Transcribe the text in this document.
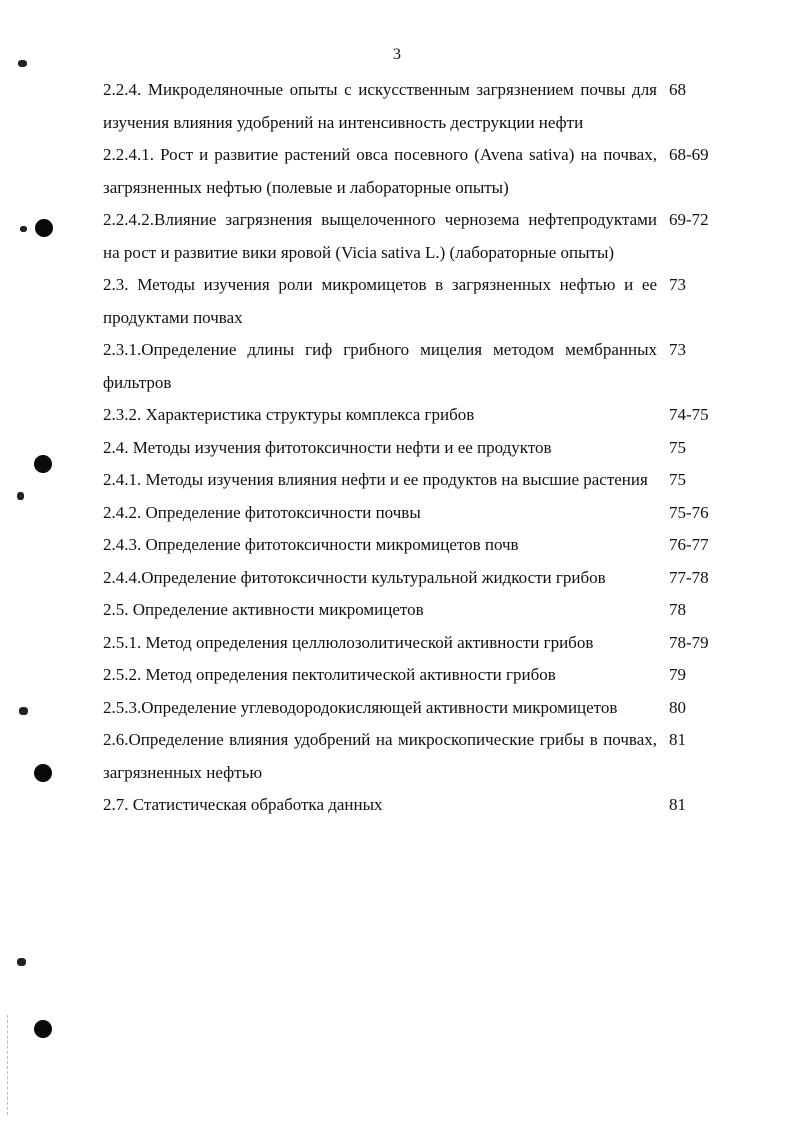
3
2.2.4. Микроделяночные опыты с искусственным загрязнением почвы для изучения влияния удобрений на интенсивность деструкции нефти
68
2.2.4.1. Рост и развитие растений овса посевного (Avena sativa) на почвах, загрязненных нефтью (полевые и лабораторные опыты)
68-69
2.2.4.2.Влияние загрязнения выщелоченного чернозема нефтепродуктами на рост и развитие вики яровой (Vicia sativa L.) (лабораторные опыты)
69-72
2.3. Методы изучения роли микромицетов в загрязненных нефтью и ее продуктами почвах
73
2.3.1.Определение длины гиф грибного мицелия методом мембранных фильтров
73
2.3.2. Характеристика структуры комплекса грибов	74-75
2.4. Методы изучения фитотоксичности нефти и ее продуктов	75
2.4.1. Методы изучения влияния нефти и ее продуктов на высшие растения	75
2.4.2. Определение фитотоксичности почвы	75-76
2.4.3. Определение фитотоксичности микромицетов почв	76-77
2.4.4.Определение фитотоксичности культуральной жидкости грибов	77-78
2.5. Определение активности микромицетов	78
2.5.1. Метод определения целлюлозолитической активности грибов	78-79
2.5.2. Метод определения пектолитической активности грибов	79
2.5.3.Определение углеводородокисляющей активности микромицетов	80
2.6.Определение влияния удобрений на микроскопические грибы в почвах, загрязненных нефтью
81
2.7. Статистическая обработка данных	81
